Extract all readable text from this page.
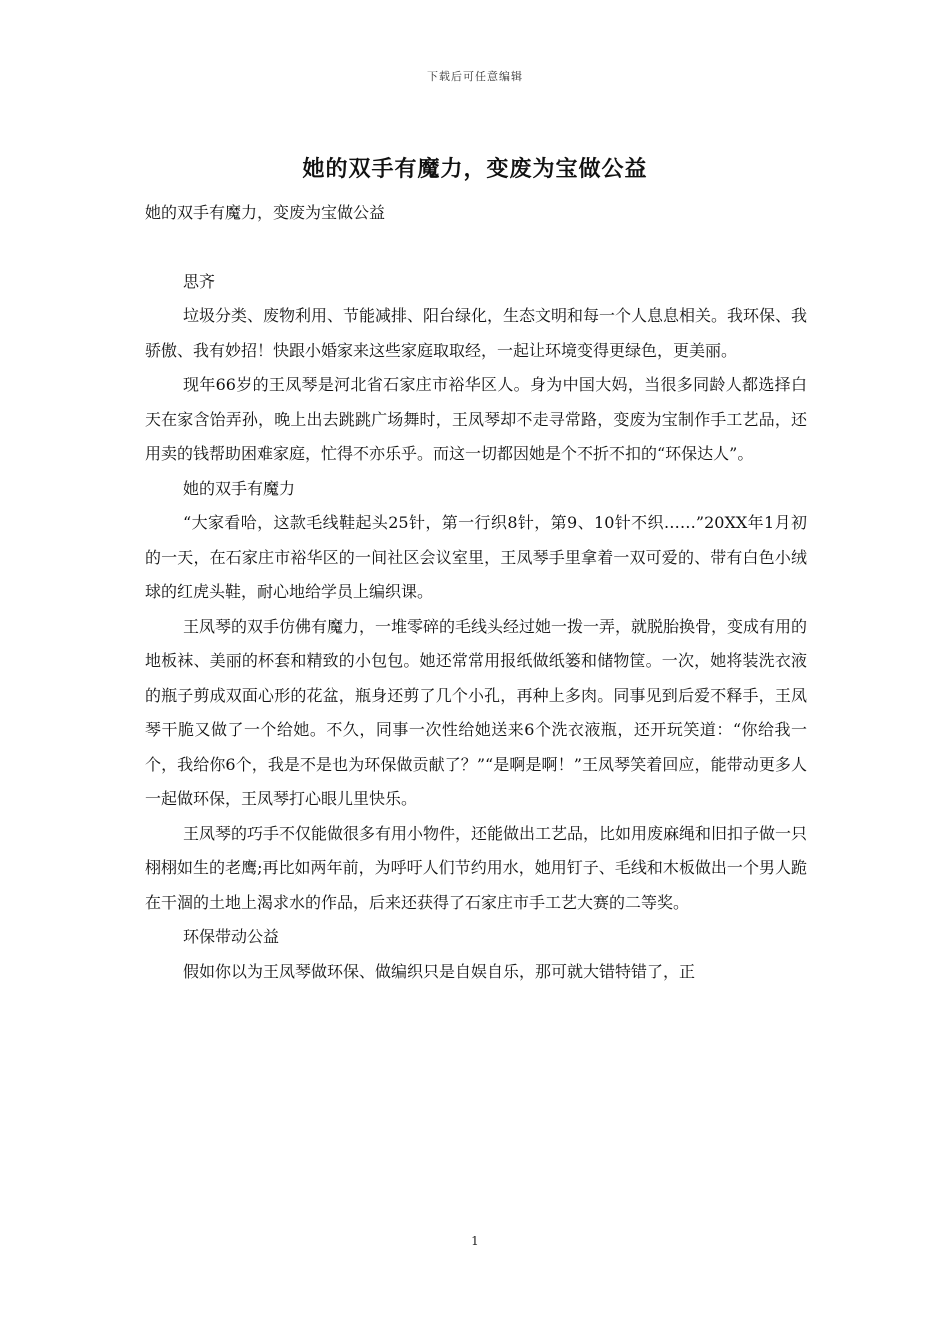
下载后可任意编辑
她的双手有魔力，变废为宝做公益

她的双手有魔力，变废为宝做公益

思齐

垃圾分类、废物利用、节能减排、阳台绿化，生态文明和每一个人息息相关。我环保、我骄傲、我有妙招！快跟小婚家来这些家庭取取经，一起让环境变得更绿色，更美丽。

现年66岁的王凤琴是河北省石家庄市裕华区人。身为中国大妈，当很多同龄人都选择白天在家含饴弄孙，晚上出去跳跳广场舞时，王凤琴却不走寻常路，变废为宝制作手工艺品，还用卖的钱帮助困难家庭，忙得不亦乐乎。而这一切都因她是个不折不扣的“环保达人”。

她的双手有魔力

“大家看哈，这款毛线鞋起头25针，第一行织8针，第9、10针不织……”20XX年1月初的一天，在石家庄市裕华区的一间社区会议室里，王凤琴手里拿着一双可爱的、带有白色小绒球的红虎头鞋，耐心地给学员上编织课。

王凤琴的双手仿佛有魔力，一堆零碎的毛线头经过她一拨一弄，就脱胎换骨，变成有用的地板袜、美丽的杯套和精致的小包包。她还常常用报纸做纸篓和储物筐。一次，她将装洗衣液的瓶子剪成双面心形的花盆，瓶身还剪了几个小孔，再种上多肉。同事见到后爱不释手，王凤琴干脆又做了一个给她。不久，同事一次性给她送来6个洗衣液瓶，还开玩笑道：“你给我一个，我给你6个，我是不是也为环保做贡献了？”“是啊是啊！”王凤琴笑着回应，能带动更多人一起做环保，王凤琴打心眼儿里快乐。

王凤琴的巧手不仅能做很多有用小物件，还能做出工艺品，比如用废麻绳和旧扣子做一只栩栩如生的老鹰;再比如两年前，为呼吁人们节约用水，她用钉子、毛线和木板做出一个男人跪在干涸的土地上渴求水的作品，后来还获得了石家庄市手工艺大赛的二等奖。

环保带动公益

假如你以为王凤琴做环保、做编织只是自娱自乐，那可就大错特错了，正

1
